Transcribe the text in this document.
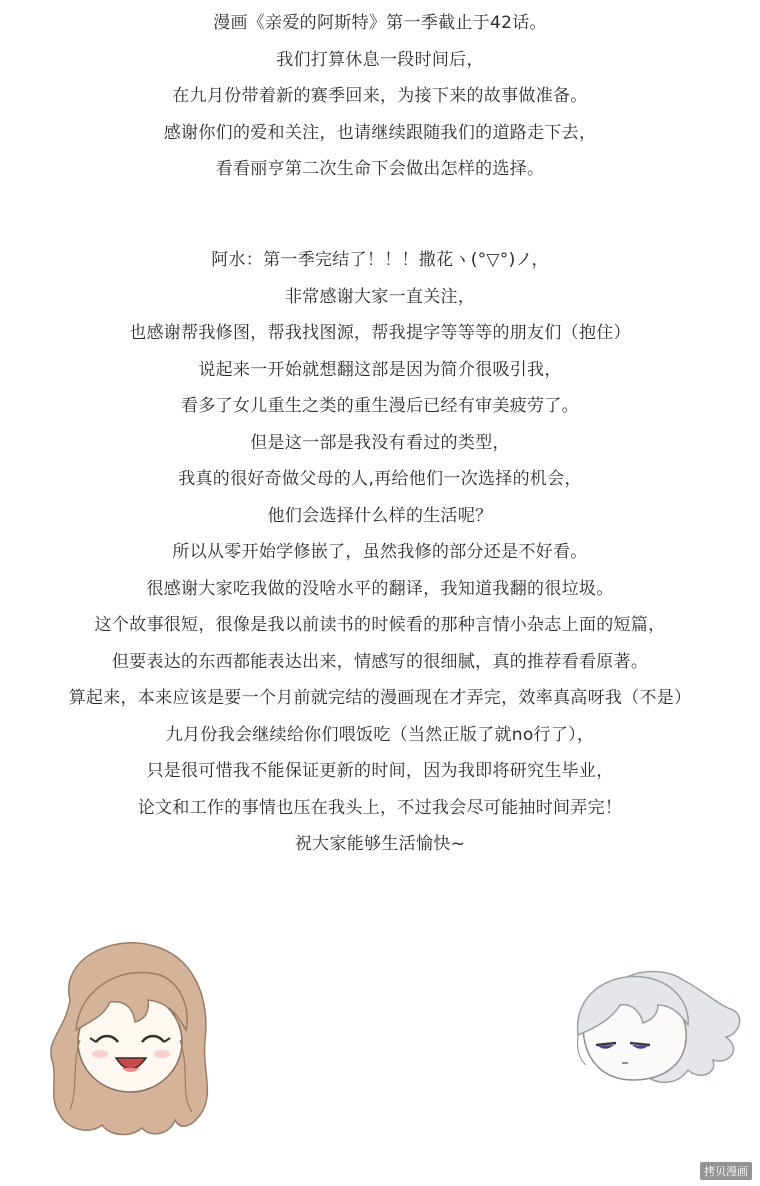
漫画《亲爱的阿斯特》第一季截止于42话。
我们打算休息一段时间后，
在九月份带着新的赛季回来，为接下来的故事做准备。
感谢你们的爱和关注，也请继续跟随我们的道路走下去，
看看丽亨第二次生命下会做出怎样的选择。
阿水：第一季完结了！！！撒花ヽ(°▽°)ノ，
非常感谢大家一直关注，
也感谢帮我修图，帮我找图源，帮我提字等等等的朋友们（抱住）
说起来一开始就想翻这部是因为简介很吸引我，
看多了女儿重生之类的重生漫后已经有审美疲劳了。
但是这一部是我没有看过的类型，
我真的很好奇做父母的人,再给他们一次选择的机会，
他们会选择什么样的生活呢？
所以从零开始学修嵌了，虽然我修的部分还是不好看。
很感谢大家吃我做的没啥水平的翻译，我知道我翻的很垃圾。
这个故事很短，很像是我以前读书的时候看的那种言情小杂志上面的短篇，
但要表达的东西都能表达出来，情感写的很细腻，真的推荐看看原著。
算起来，本来应该是要一个月前就完结的漫画现在才弄完，效率真高呀我（不是）
九月份我会继续给你们喂饭吃（当然正版了就no行了），
只是很可惜我不能保证更新的时间，因为我即将研究生毕业，
论文和工作的事情也压在我头上，不过我会尽可能抽时间弄完！
祝大家能够生活愉快~
拷贝漫画
